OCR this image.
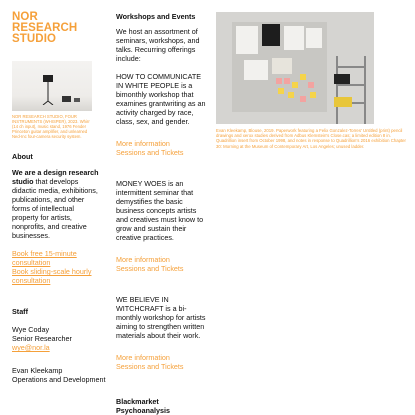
NOR
RESEARCH
STUDIO
NOR RESEARCH STUDIO, FOUR INSTRUMENTS (WHISPER), 2023. Whirr (14 ch input), music stand, 1976 Fender Princeton guitar amplifier, and unlearned Ned-Inc four-camera security system.
About
We are a design research studio that develops didactic media, exhibitions, publications, and other forms of intellectual property for artists, nonprofits, and creative businesses.
Book free 15-minute consultation
Book sliding-scale hourly consultation
Staff
Wye Coday
Senior Researcher
wye@nor.la
Evan Kleekamp
Operations and Development
Workshops and Events
We host an assortment of seminars, workshops, and talks. Recurring offerings include:
HOW TO COMMUNICATE IN WHITE PEOPLE is a bimonthly workshop that examines grantwriting as an activity charged by race, class, sex, and gender.
More information
Sessions and Tickets
MONEY WOES is an intermittent seminar that demystifies the basic business concepts artists and creatives must know to grow and sustain their creative practices.
More information
Sessions and Tickets
WE BELIEVE IN WITCHCRAFT is a bi-monthly workshop for artists aiming to strengthen written materials about their work.
More information
Sessions and Tickets
Blackmarket
Psychoanalysis
Evan Kleekamp, Blouse, 2019. Paperwork featuring a Felix Gonzalez-Torres' Untitled (print) pencil drawings and xerox studies derived from Adbus Klemstein's Close.cas; a limited edition 8 in. Quadrillion insert from October 1998, and notes in response to Quadrillion's 2016 exhibition Chapter 30: Morning at the Museum of Contemporary Art, Los Angeles; unused ladder.
